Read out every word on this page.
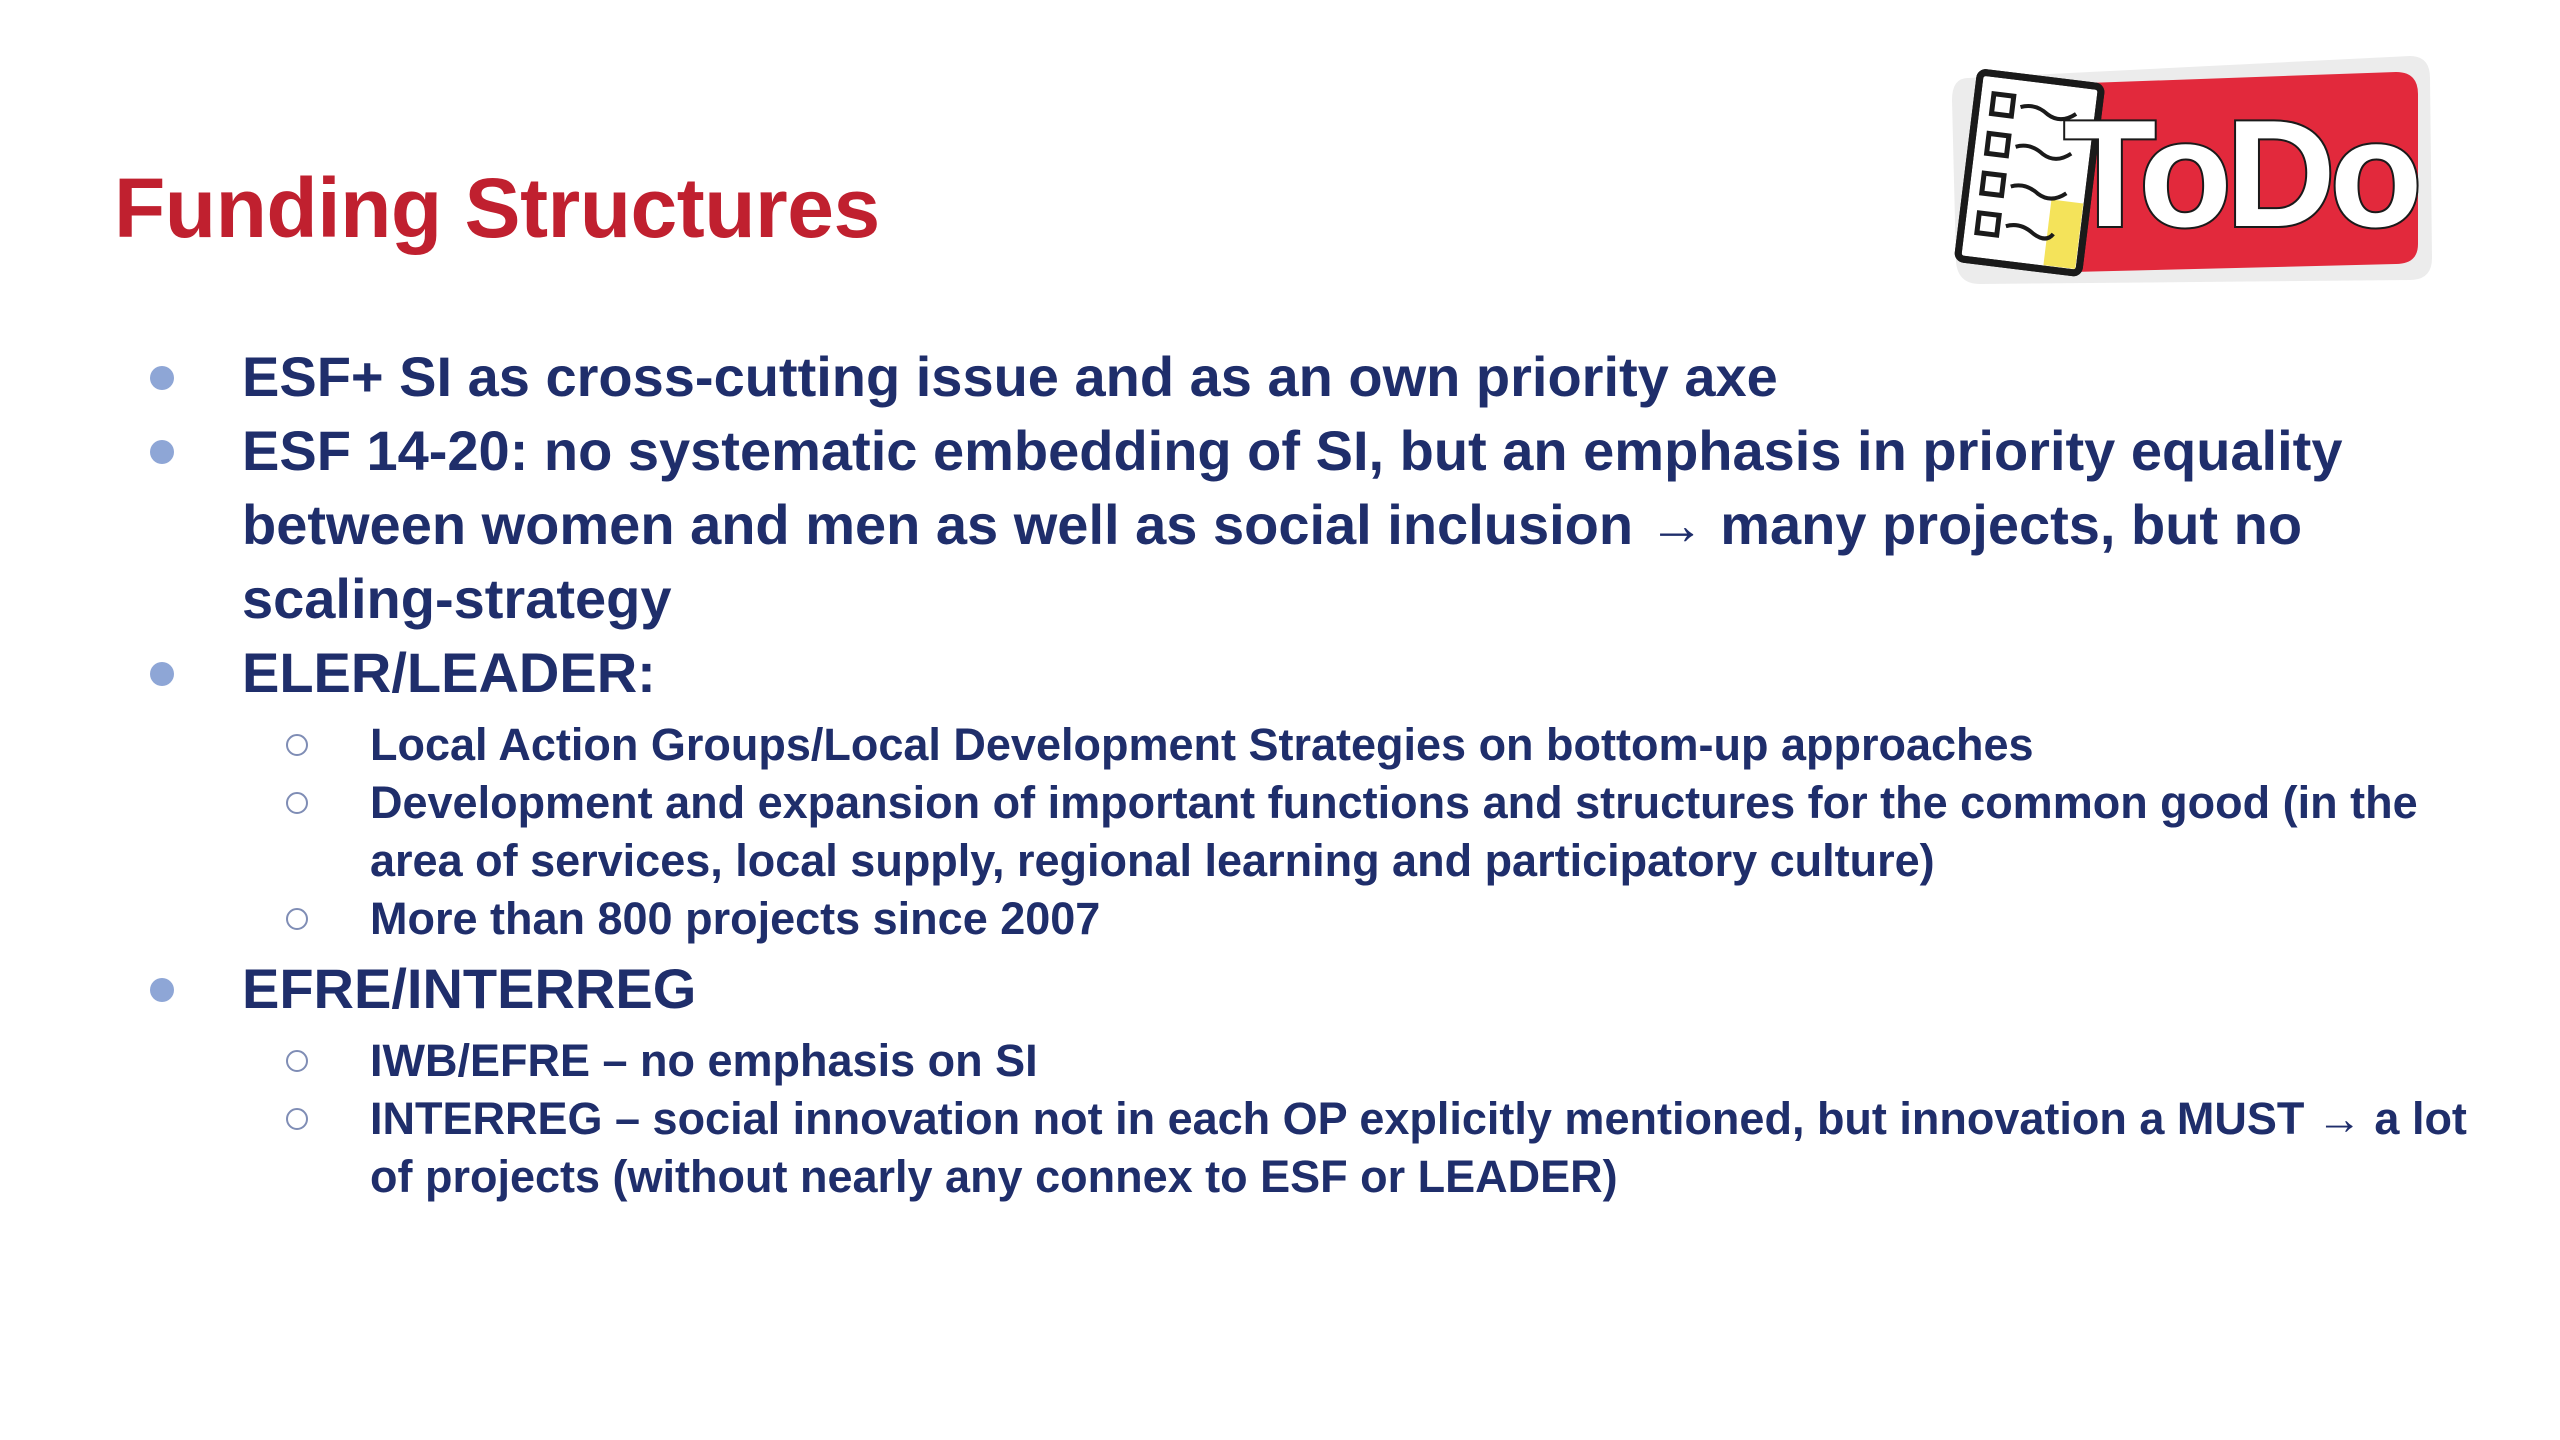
Funding Structures	ToDo
ESF+ SI as cross-cutting issue and as an own priority axe
ESF 14-20: no systematic embedding of SI, but an emphasis in priority equality between women and men as well as social inclusion → many projects, but no scaling-strategy
ELER/LEADER:
Local Action Groups/Local Development Strategies on bottom-up approaches
Development and expansion of important functions and structures for the common good (in the area of services, local supply, regional learning and participatory culture)
More than 800 projects since 2007
EFRE/INTERREG
IWB/EFRE – no emphasis on SI
INTERREG – social innovation not in each OP explicitly mentioned, but innovation a MUST → a lot of projects (without nearly any connex to ESF or LEADER)
